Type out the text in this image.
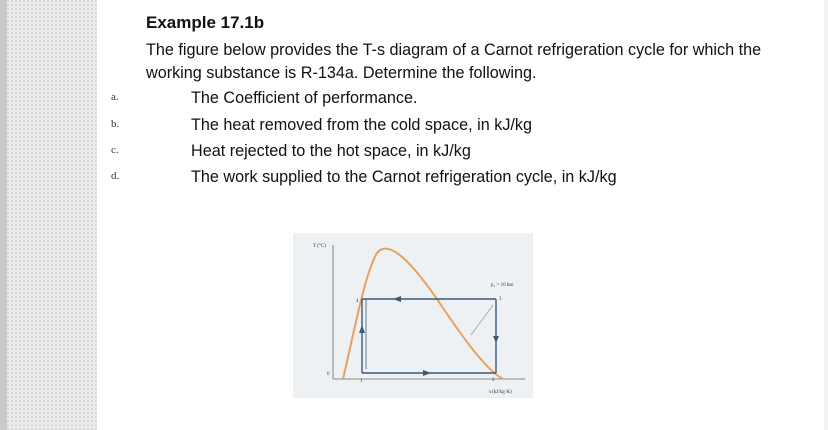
Example 17.1b
The figure below provides the T-s diagram of a Carnot refrigeration cycle for which the working substance is R-134a. Determine the following.
a.	The Coefficient of performance.
b.	The heat removed from the cold space, in kJ/kg
c.	Heat rejected to the hot space, in kJ/kg
d.	The work supplied to the Carnot refrigeration cycle, in kJ/kg
T (°C)
s (kJ/kg·K)
p₁ = 16 bar
0
1	2
3
4
